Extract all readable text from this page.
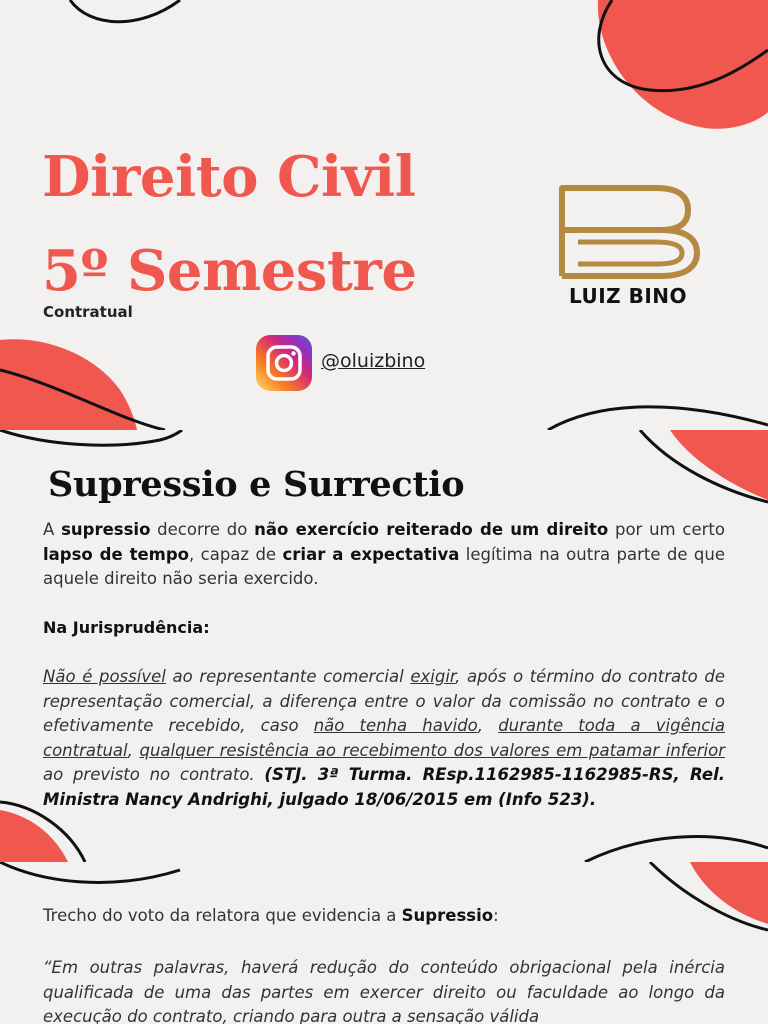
Direito Civil
5º Semestre
Contratual
@oluizbino
LUIZ BINO
Supressio e Surrectio

A supressio decorre do não exercício reiterado de um direito por um certo lapso de tempo, capaz de criar a expectativa legítima na outra parte de que aquele direito não seria exercido.

Na Jurisprudência:

Não é possível ao representante comercial exigir, após o término do contrato de representação comercial, a diferença entre o valor da comissão no contrato e o efetivamente recebido, caso não tenha havido, durante toda a vigência contratual, qualquer resistência ao recebimento dos valores em patamar inferior ao previsto no contrato. (STJ. 3ª Turma. REsp.1162985-1162985-RS, Rel. Ministra Nancy Andrighi, julgado 18/06/2015 em (Info 523).

Trecho do voto da relatora que evidencia a Supressio:

“Em outras palavras, haverá redução do conteúdo obrigacional pela inércia qualificada de uma das partes em exercer direito ou faculdade ao longo da execução do contrato, criando para outra a sensação válida
